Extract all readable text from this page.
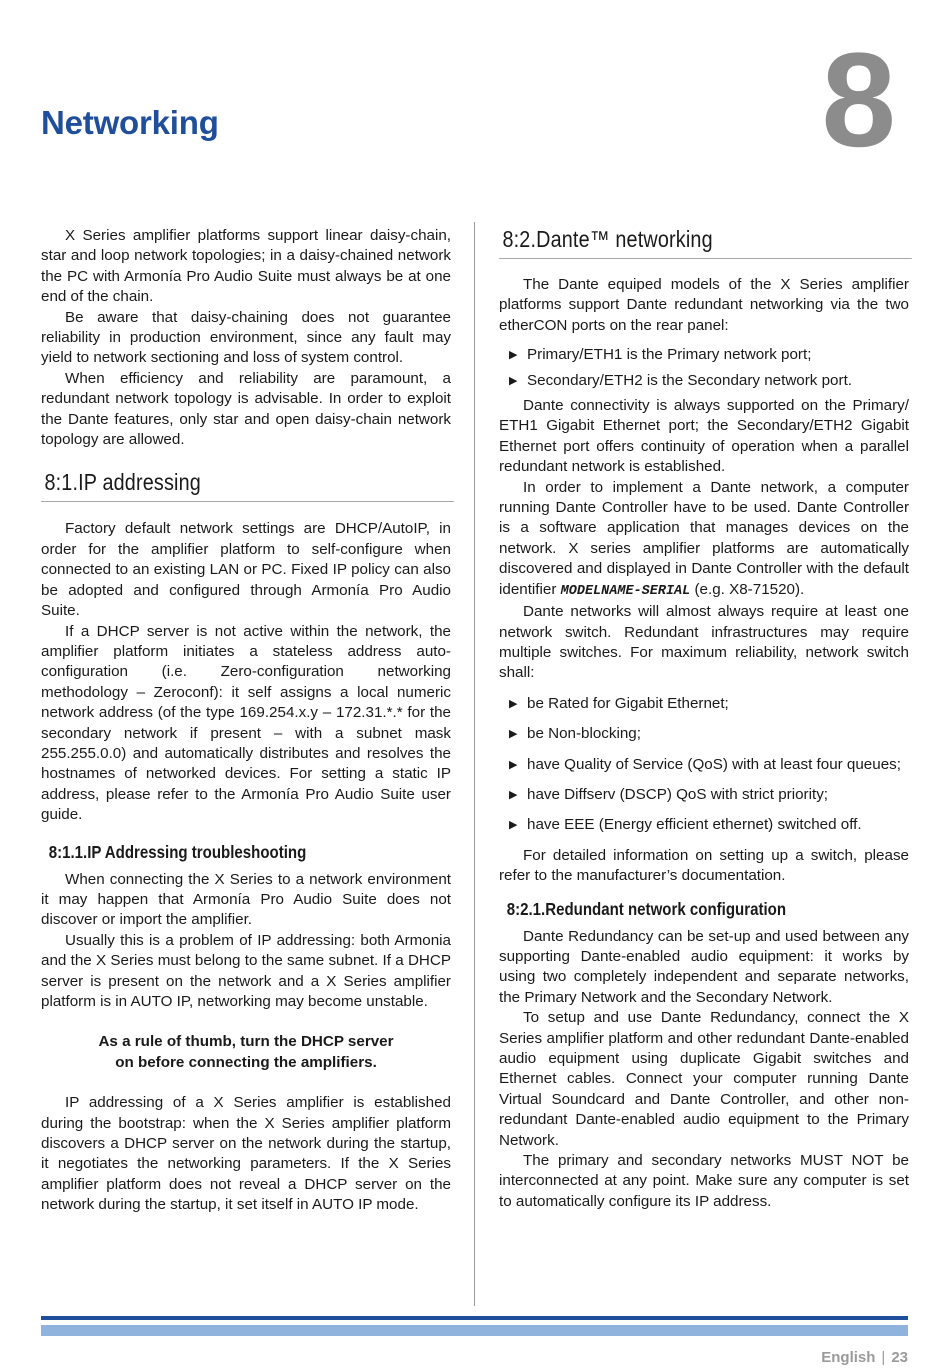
Networking	8

X Series amplifier platforms support linear daisy-chain, star and loop network topologies; in a daisy-chained network the PC with Armonía Pro Audio Suite must always be at one end of the chain.

Be aware that daisy-chaining does not guarantee reliability in production environment, since any fault may yield to network sectioning and loss of system control.

When efficiency and reliability are paramount, a redundant network topology is advisable. In order to exploit the Dante features, only star and open daisy-chain network topology are allowed.

8:1.IP addressing

Factory default network settings are DHCP/AutoIP, in order for the amplifier platform to self-configure when connected to an existing LAN or PC. Fixed IP policy can also be adopted and configured through Armonía Pro Audio Suite.

If a DHCP server is not active within the network, the amplifier platform initiates a stateless address auto-configuration (i.e. Zero-configuration networking methodology – Zeroconf): it self assigns a local numeric network address (of the type 169.254.x.y – 172.31.*.* for the secondary network if present – with a subnet mask 255.255.0.0) and automatically distributes and resolves the hostnames of networked devices. For setting a static IP address, please refer to the Armonía Pro Audio Suite user guide.

8:1.1.IP Addressing troubleshooting

When connecting the X Series to a network environment it may happen that Armonía Pro Audio Suite does not discover or import the amplifier.

Usually this is a problem of IP addressing: both Armonia and the X Series must belong to the same subnet. If a DHCP server is present on the network and a X Series amplifier platform is in AUTO IP, networking may become unstable.

As a rule of thumb, turn the DHCP server
on before connecting the amplifiers.

IP addressing of a X Series amplifier is established during the bootstrap: when the X Series amplifier platform discovers a DHCP server on the network during the startup, it negotiates the networking parameters. If the X Series amplifier platform does not reveal a DHCP server on the network during the startup, it set itself in AUTO IP mode.

8:2.Dante™ networking

The Dante equiped models of the X Series amplifier platforms support Dante redundant networking via the two etherCON ports on the rear panel:

▶ Primary/ETH1 is the Primary network port;
▶ Secondary/ETH2 is the Secondary network port.

Dante connectivity is always supported on the Primary/ ETH1 Gigabit Ethernet port; the Secondary/ETH2 Gigabit Ethernet port offers continuity of operation when a parallel redundant network is established.

In order to implement a Dante network, a computer running Dante Controller have to be used. Dante Controller is a software application that manages devices on the network. X series amplifier platforms are automatically discovered and displayed in Dante Controller with the default identifier MODELNAME-SERIAL (e.g. X8-71520).

Dante networks will almost always require at least one network switch. Redundant infrastructures may require multiple switches. For maximum reliability, network switch shall:

▶ be Rated for Gigabit Ethernet;
▶ be Non-blocking;
▶ have Quality of Service (QoS) with at least four queues;
▶ have Diffserv (DSCP) QoS with strict priority;
▶ have EEE (Energy efficient ethernet) switched off.

For detailed information on setting up a switch, please refer to the manufacturer’s documentation.

8:2.1.Redundant network configuration

Dante Redundancy can be set-up and used between any supporting Dante-enabled audio equipment: it works by using two completely independent and separate networks, the Primary Network and the Secondary Network.

To setup and use Dante Redundancy, connect the X Series amplifier platform and other redundant Dante-enabled audio equipment using duplicate Gigabit switches and Ethernet cables. Connect your computer running Dante Virtual Soundcard and Dante Controller, and other non-redundant Dante-enabled audio equipment to the Primary Network.

The primary and secondary networks MUST NOT be interconnected at any point. Make sure any computer is set to automatically configure its IP address.

English | 23
